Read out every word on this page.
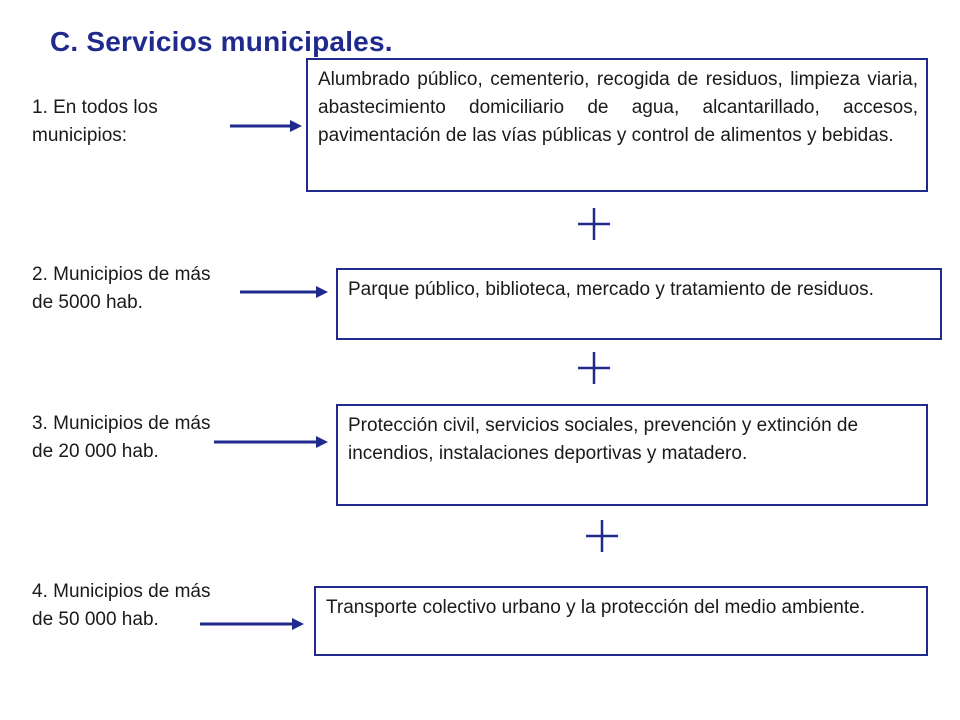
C. Servicios municipales.
1. En todos los municipios:
Alumbrado público, cementerio, recogida de residuos, limpieza viaria, abastecimiento domiciliario de agua, alcantarillado, accesos, pavimentación de las vías públicas y control de alimentos y bebidas.
2. Municipios de más de 5000 hab.
Parque público, biblioteca, mercado y tratamiento de residuos.
3. Municipios de más de 20 000 hab.
Protección civil, servicios sociales, prevención y extinción de incendios, instalaciones deportivas y matadero.
4. Municipios de más de 50 000 hab.
Transporte colectivo urbano y la protección del medio ambiente.
